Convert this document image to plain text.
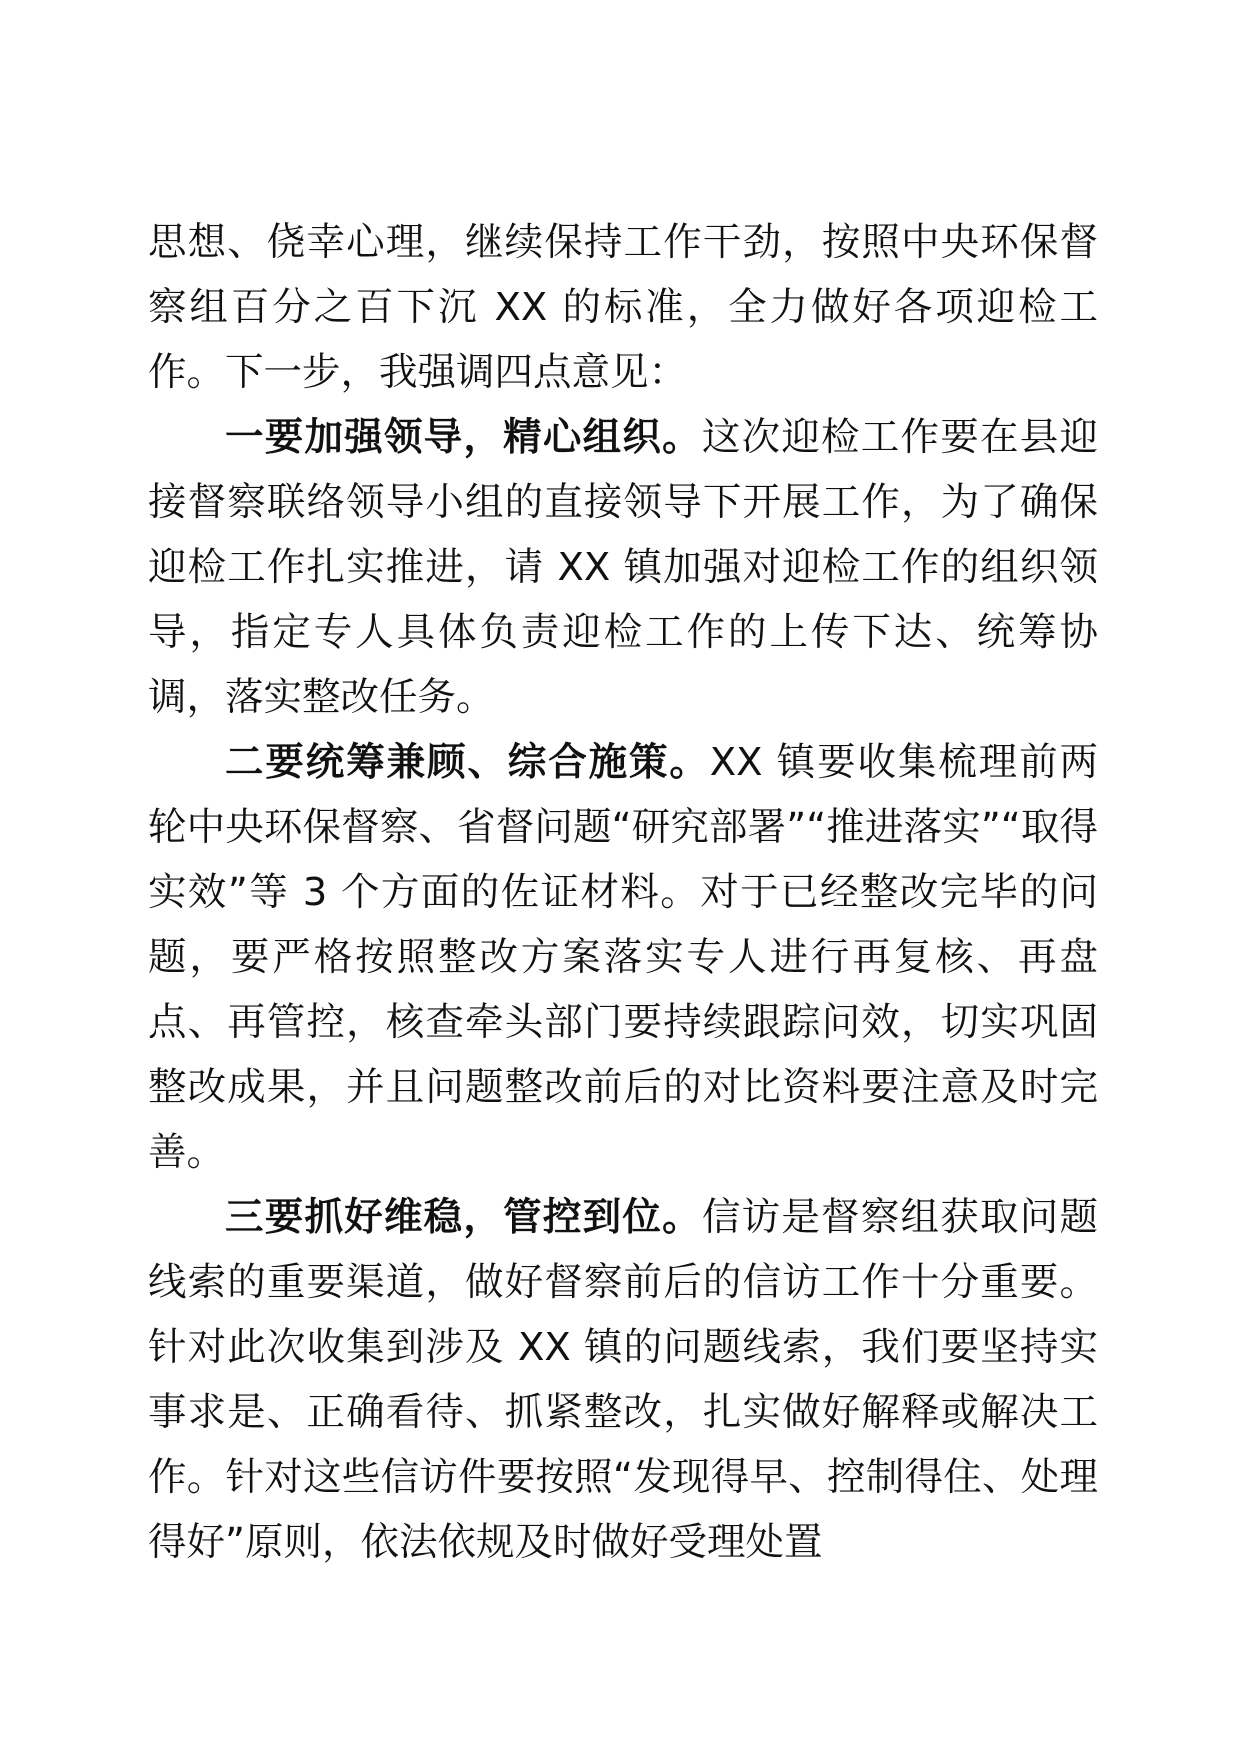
思想、侥幸心理，继续保持工作干劲，按照中央环保督察组百分之百下沉 XX 的标准，全力做好各项迎检工作。下一步，我强调四点意见：

一要加强领导，精心组织。这次迎检工作要在县迎接督察联络领导小组的直接领导下开展工作，为了确保迎检工作扎实推进，请 XX 镇加强对迎检工作的组织领导，指定专人具体负责迎检工作的上传下达、统筹协调，落实整改任务。

二要统筹兼顾、综合施策。XX 镇要收集梳理前两轮中央环保督察、省督问题“研究部署”“推进落实”“取得实效”等 3 个方面的佐证材料。对于已经整改完毕的问题，要严格按照整改方案落实专人进行再复核、再盘点、再管控，核查牵头部门要持续跟踪问效，切实巩固整改成果，并且问题整改前后的对比资料要注意及时完善。

三要抓好维稳，管控到位。信访是督察组获取问题线索的重要渠道，做好督察前后的信访工作十分重要。针对此次收集到涉及 XX 镇的问题线索，我们要坚持实事求是、正确看待、抓紧整改，扎实做好解释或解决工作。针对这些信访件要按照“发现得早、控制得住、处理得好”原则，依法依规及时做好受理处置
